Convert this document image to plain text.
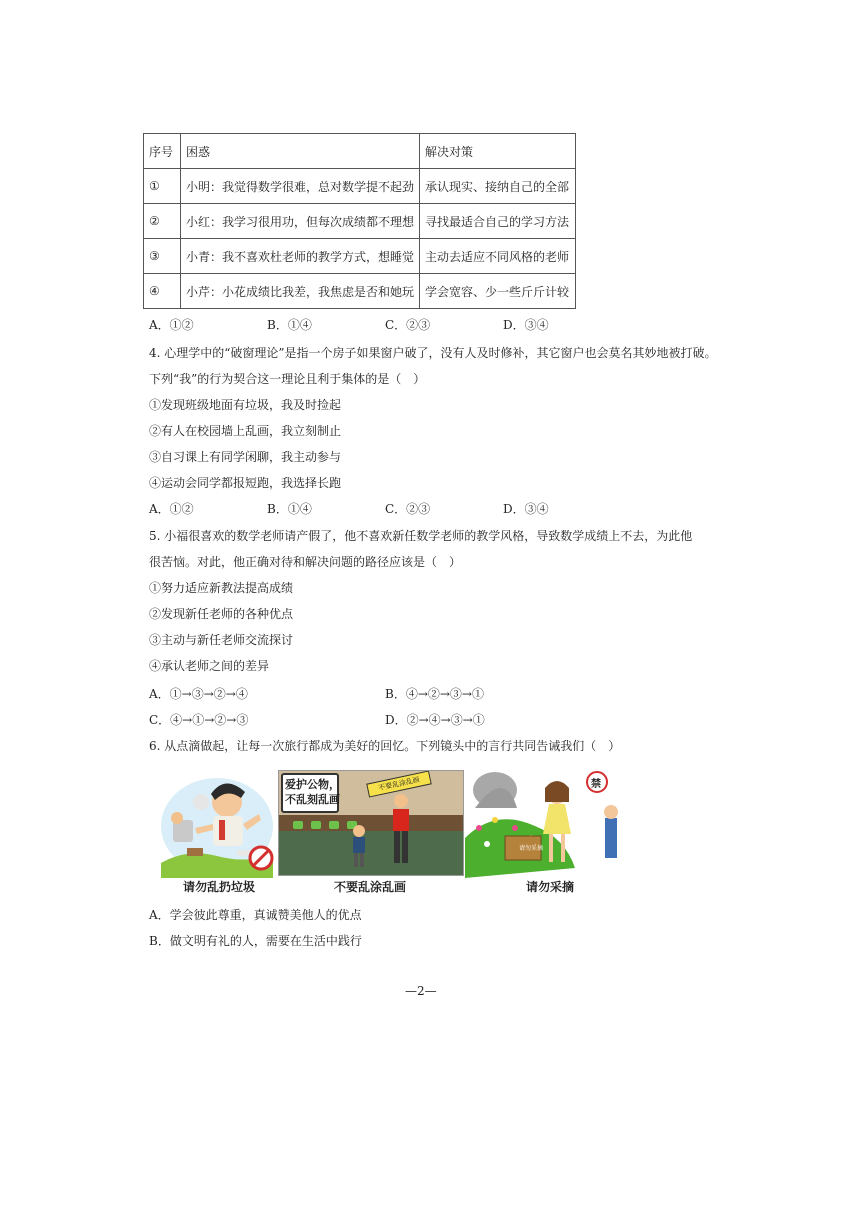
序号	困惑	解决对策
①	小明：我觉得数学很难，总对数学提不起劲	承认现实、接纳自己的全部
②	小红：我学习很用功，但每次成绩都不理想	寻找最适合自己的学习方法
③	小青：我不喜欢杜老师的教学方式，想睡觉	主动去适应不同风格的老师
④	小芹：小花成绩比我差，我焦虑是否和她玩	学会宽容、少一些斤斤计较
A．①②	B．①④	C．②③	D．③④
4. 心理学中的“破窗理论”是指一个房子如果窗户破了，没有人及时修补，其它窗户也会莫名其妙地被打破。
下列“我”的行为契合这一理论且利于集体的是（　）
①发现班级地面有垃圾，我及时捡起
②有人在校园墙上乱画，我立刻制止
③自习课上有同学闲聊，我主动参与
④运动会同学都报短跑，我选择长跑
A．①②	B．①④	C．②③	D．③④
5. 小福很喜欢的数学老师请产假了，他不喜欢新任数学老师的教学风格，导致数学成绩上不去，为此他
很苦恼。对此，他正确对待和解决问题的路径应该是（　）
①努力适应新教法提高成绩
②发现新任老师的各种优点
③主动与新任老师交流探讨
④承认老师之间的差异
A．①→③→②→④	B．④→②→③→①
C．④→①→②→③	D．②→④→③→①
6. 从点滴做起，让每一次旅行都成为美好的回忆。下列镜头中的言行共同告诫我们（　）
请勿乱扔垃圾
爱护公物，
不乱刻乱画
不要乱涂乱画
不要乱涂乱画
请勿采摘
禁
请勿采摘
A．学会彼此尊重，真诚赞美他人的优点
B．做文明有礼的人，需要在生活中践行
—2—
